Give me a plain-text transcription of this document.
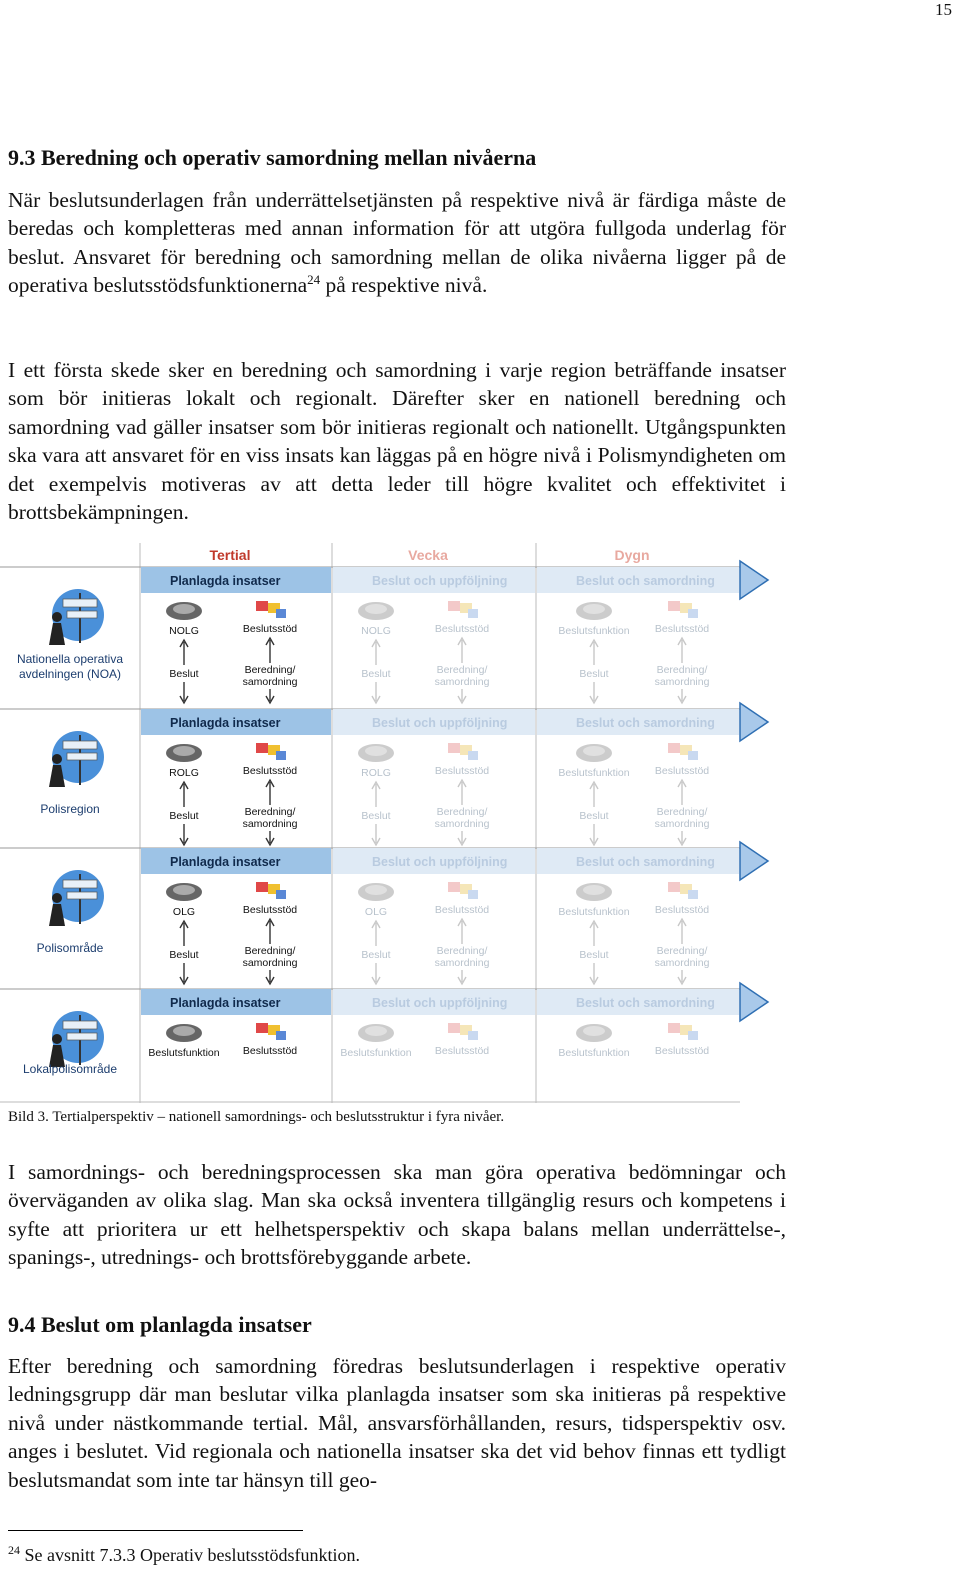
15
9.3 Beredning och operativ samordning mellan nivåerna
När beslutsunderlagen från underrättelsetjänsten på respektive nivå är färdiga måste de beredas och kompletteras med annan information för att utgöra fullgoda underlag för beslut. Ansvaret för beredning och samordning mellan de olika nivåerna ligger på de operativa beslutsstödsfunktionerna$^{24}$ på respektive nivå.
I ett första skede sker en beredning och samordning i varje region beträffande insatser som bör initieras lokalt och regionalt. Därefter sker en nationell beredning och samordning vad gäller insatser som bör initieras regionalt och nationellt. Utgångspunkten ska vara att ansvaret för en viss insats kan läggas på en högre nivå i Polismyndigheten om det exempelvis motiveras av att detta leder till högre kvalitet och effektivitet i brottsbekämpningen.
Tertial	Vecka	Dygn
Planlagda insatser	Beslut och uppföljning	Beslut och samordning
Nationella operativa
avdelningen (NOA)
NOLG	Beslutsstöd
Beslut	Beredning/
samordning
NOLG	Beslutsstöd
Beslut	Beredning/
samordning
Beslutsfunktion Beslutsstöd
Beslut	Beredning/
samordning
Planlagda insatser	Beslut och uppföljning	Beslut och samordning
Polisregion
ROLG	Beslutsstöd
Beslut	Beredning/
samordning
ROLG	Beslutsstöd
Beslut	Beredning/
samordning
Beslutsfunktion Beslutsstöd
Beslut	Beredning/
samordning
Planlagda insatser	Beslut och uppföljning	Beslut och samordning
Polisområde
OLG	Beslutsstöd
Beslut	Beredning/
samordning
OLG	Beslutsstöd
Beslut	Beredning/
samordning
Beslutsfunktion Beslutsstöd
Beslut	Beredning/
samordning
Planlagda insatser	Beslut och uppföljning	Beslut och samordning
Lokalpolisområde
Beslutsfunktion Beslutsstöd	Beslutsfunktion Beslutsstöd	Beslutsfunktion Beslutsstöd
Bild 3. Tertialperspektiv – nationell samordnings- och beslutsstruktur i fyra nivåer.
I samordnings- och beredningsprocessen ska man göra operativa bedömningar och överväganden av olika slag. Man ska också inventera tillgänglig resurs och kompetens i syfte att prioritera ur ett helhetsperspektiv och skapa balans mellan underrättelse-, spanings-, utrednings- och brottsförebyggande arbete.
9.4 Beslut om planlagda insatser
Efter beredning och samordning föredras beslutsunderlagen i respektive operativ ledningsgrupp där man beslutar vilka planlagda insatser som ska initieras på respektive nivå under nästkommande tertial. Mål, ansvarsförhållanden, resurs, tidsperspektiv osv. anges i beslutet. Vid regionala och nationella insatser ska det vid behov finnas ett tydligt beslutsmandat som inte tar hänsyn till geo-
$^{24}$ Se avsnitt 7.3.3 Operativ beslutsstödsfunktion.
